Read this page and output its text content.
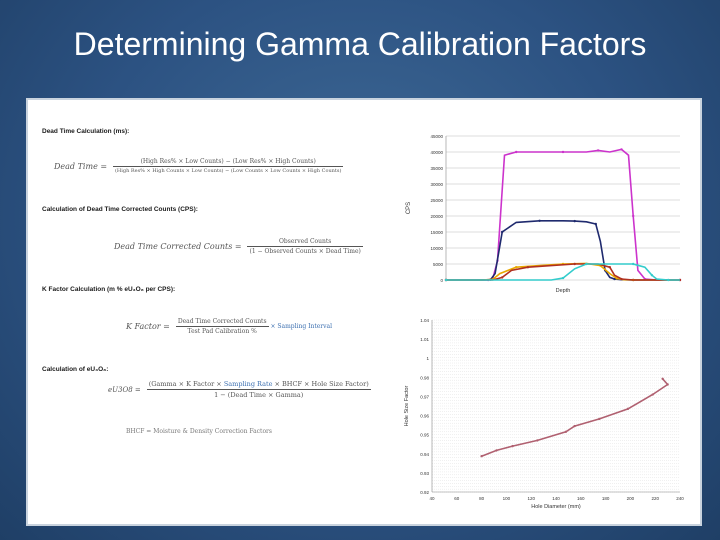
Determining Gamma Calibration Factors
Dead Time Calculation (ms):
Dead Time =	(High Res% × Low Counts) − (Low Res% × High Counts)
(High Res% × High Counts × Low Counts) − (Low Counts × Low Counts × High Counts)
Calculation of Dead Time Corrected Counts (CPS):
Dead Time Corrected Counts = $\frac{\text{Observed Counts}}{\text{(1 − Observed Counts × Dead Time)}}$
K Factor Calculation (m % eU₃O₈ per CPS):
K Factor = $\frac{\text{Dead Time Corrected Counts}}{\text{Test Pad Calibration \%}}$ × Sampling Interval
Calculation of eU₃O₈:
eU3O8 =
(Gamma × K Factor × Sampling Rate × BHCF × Hole Size Factor)
1 − (Dead Time × Gamma)
BHCF = Moisture & Density Correction Factors
45000
40000
35000
30000
25000
20000
15000
10000
5000
0
CPS
Depth
1.04
1.01
1
0.98
0.97
0.96
0.95
0.94
0.93
0.92
40	60	80	100	120	140	160	180	200	220	240
Hole Size Factor
Hole Diameter (mm)
